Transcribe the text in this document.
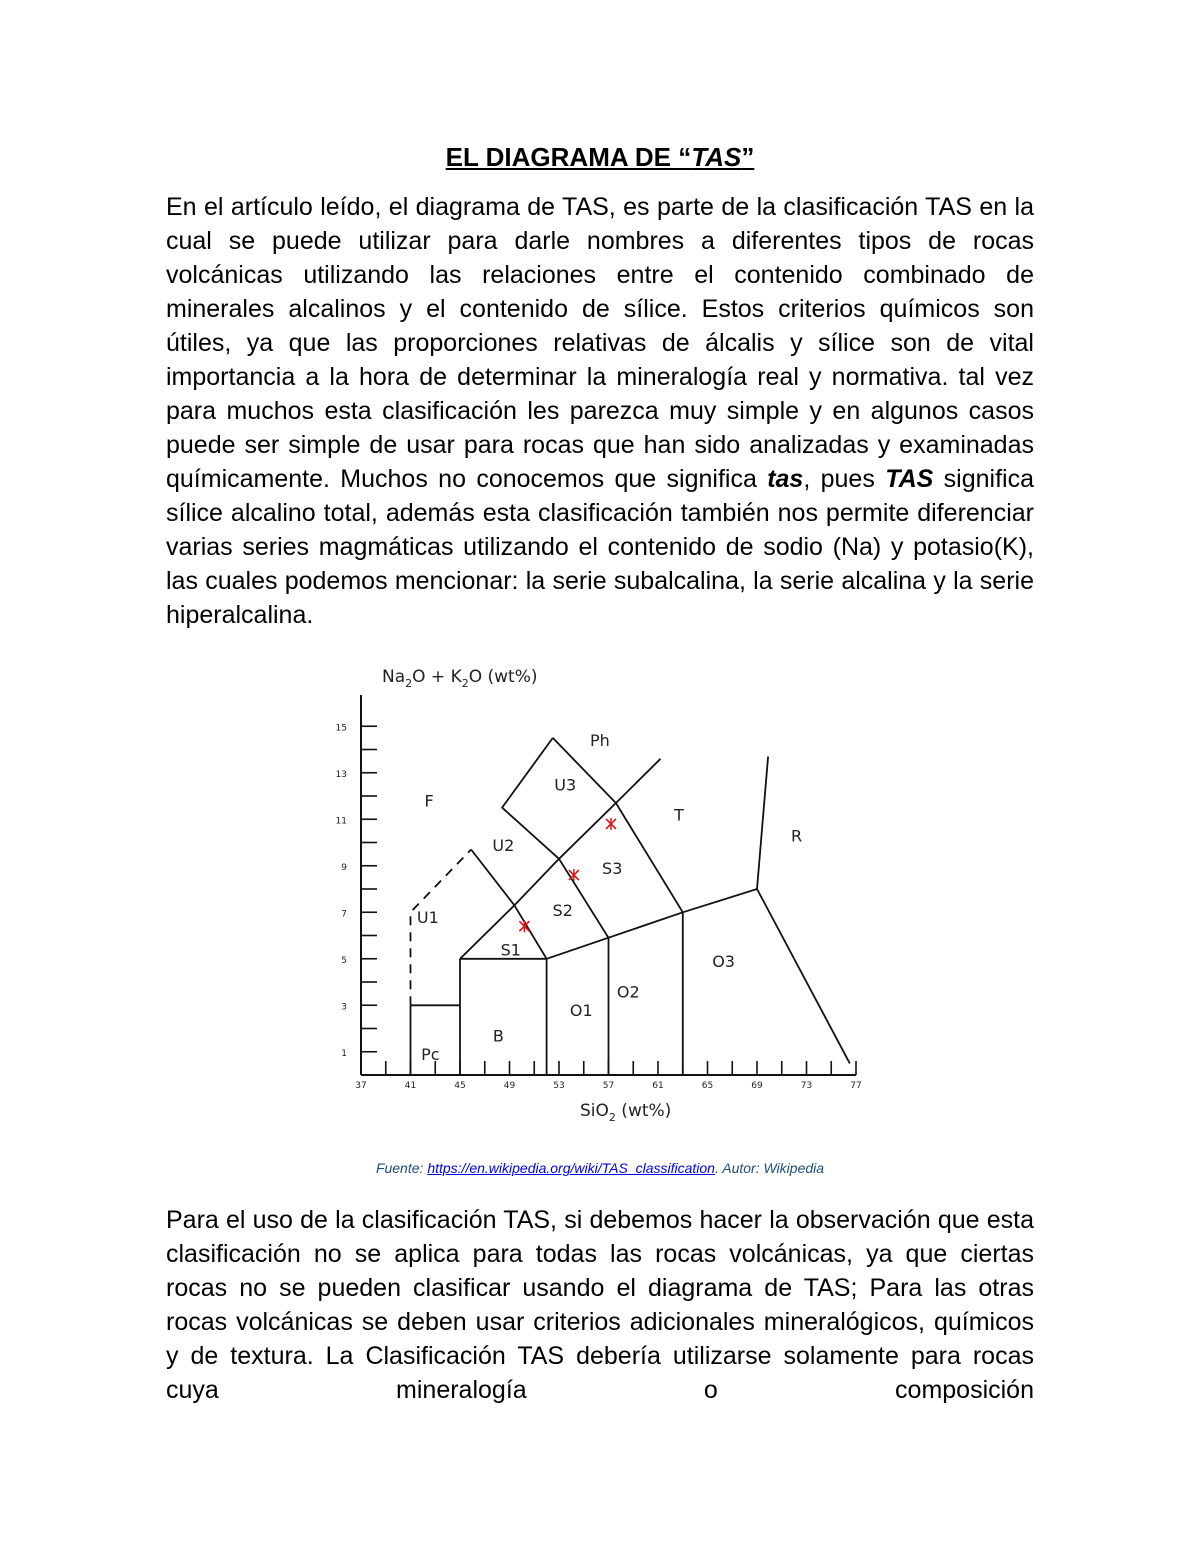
EL DIAGRAMA DE “TAS”
En el artículo leído, el diagrama de TAS, es parte de la clasificación TAS en la cual se puede utilizar para darle nombres a diferentes tipos de rocas volcánicas utilizando las relaciones entre el contenido combinado de minerales alcalinos y el contenido de sílice. Estos criterios químicos son útiles, ya que las proporciones relativas de álcalis y sílice son de vital importancia a la hora de determinar la mineralogía real y normativa. tal vez para muchos esta clasificación les parezca muy simple y en algunos casos puede ser simple de usar para rocas que han sido analizadas y examinadas químicamente. Muchos no conocemos que significa tas, pues TAS significa sílice alcalino total, además esta clasificación también nos permite diferenciar varias series magmáticas utilizando el contenido de sodio (Na) y potasio(K), las cuales podemos mencionar: la serie subalcalina, la serie alcalina y la serie hiperalcalina.
15
13
11
9
7
5
3
1
37	41	45	49	53	57	61	65	69	73	77
F
Ph
U3
T
R
U2
S3
U1	S2
S1
O3
O2
O1
B
Pc
$Na_2O + K_2O$ (wt%)
SiO$_2$ (wt%)
Fuente: https://en.wikipedia.org/wiki/TAS_classification. Autor: Wikipedia
Para el uso de la clasificación TAS, si debemos hacer la observación que esta clasificación no se aplica para todas las rocas volcánicas, ya que ciertas rocas no se pueden clasificar usando el diagrama de TAS; Para las otras rocas volcánicas se deben usar criterios adicionales mineralógicos, químicos y de textura. La Clasificación TAS debería utilizarse solamente para rocas cuya mineralogía o composición
